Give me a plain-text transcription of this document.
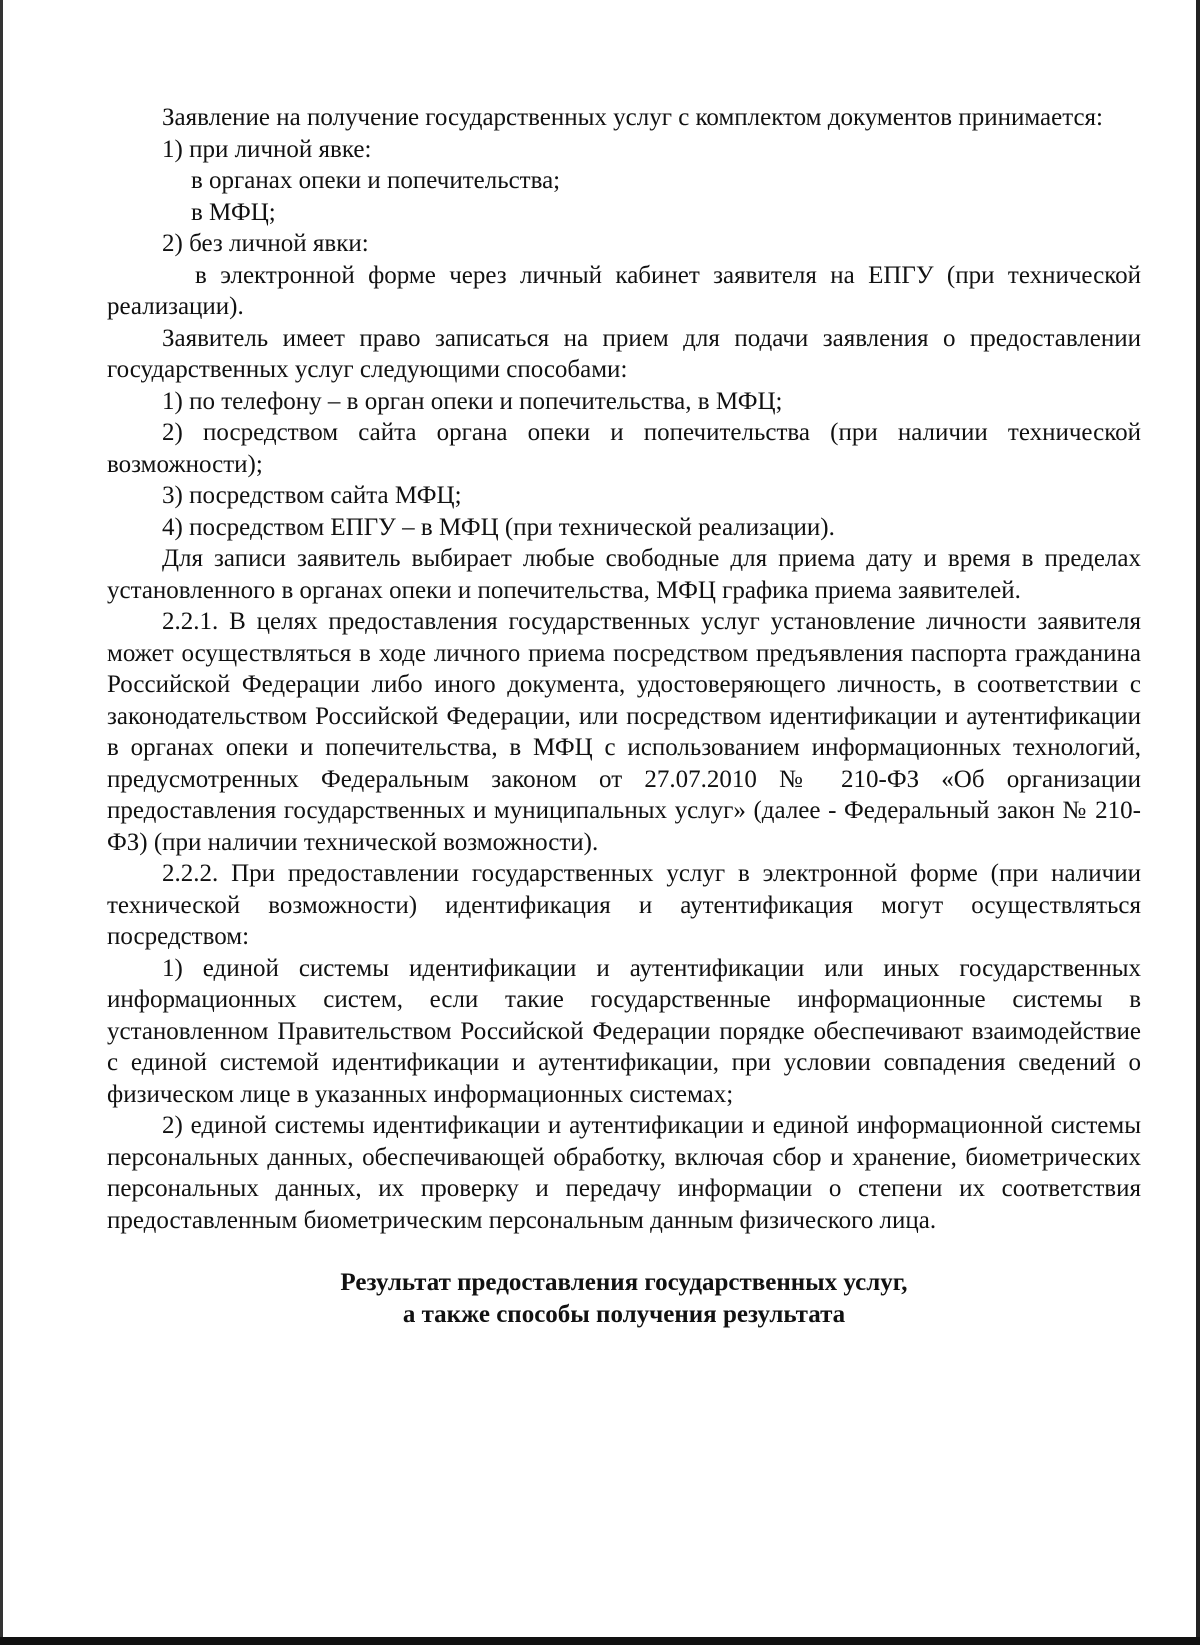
Заявление на получение государственных услуг с комплектом документов принимается:

1) при личной явке:

в органах опеки и попечительства;

в МФЦ;

2) без личной явки:

в электронной форме через личный кабинет заявителя на ЕПГУ (при технической реализации).

Заявитель имеет право записаться на прием для подачи заявления о предоставлении государственных услуг следующими способами:

1) по телефону – в орган опеки и попечительства, в МФЦ;

2) посредством сайта органа опеки и попечительства (при наличии технической возможности);

3) посредством сайта МФЦ;

4) посредством ЕПГУ – в МФЦ (при технической реализации).

Для записи заявитель выбирает любые свободные для приема дату и время в пределах установленного в органах опеки и попечительства, МФЦ графика приема заявителей.

2.2.1. В целях предоставления государственных услуг установление личности заявителя может осуществляться в ходе личного приема посредством предъявления паспорта гражданина Российской Федерации либо иного документа, удостоверяющего личность, в соответствии с законодательством Российской Федерации, или посредством идентификации и аутентификации в органах опеки и попечительства, в МФЦ с использованием информационных технологий, предусмотренных Федеральным законом от 27.07.2010 № 210-ФЗ «Об организации предоставления государственных и муниципальных услуг» (далее - Федеральный закон № 210-ФЗ) (при наличии технической возможности).

2.2.2. При предоставлении государственных услуг в электронной форме (при наличии технической возможности) идентификация и аутентификация могут осуществляться посредством:

1) единой системы идентификации и аутентификации или иных государственных информационных систем, если такие государственные информационные системы в установленном Правительством Российской Федерации порядке обеспечивают взаимодействие с единой системой идентификации и аутентификации, при условии совпадения сведений о физическом лице в указанных информационных системах;

2) единой системы идентификации и аутентификации и единой информационной системы персональных данных, обеспечивающей обработку, включая сбор и хранение, биометрических персональных данных, их проверку и передачу информации о степени их соответствия предоставленным биометрическим персональным данным физического лица.

Результат предоставления государственных услуг,

а также способы получения результата
